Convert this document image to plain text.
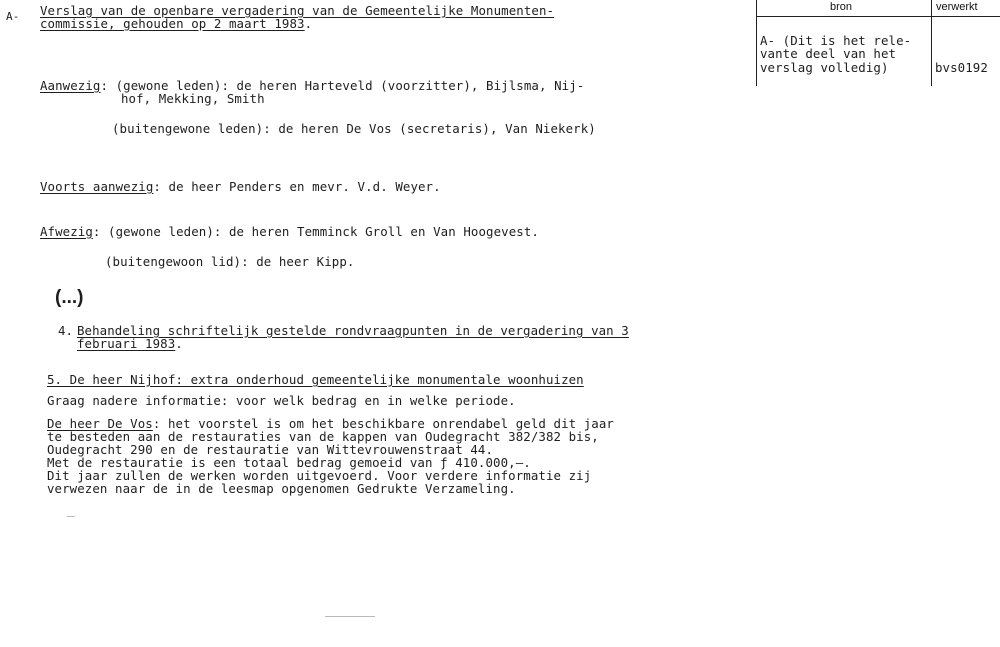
bron	verwerkt
A- (Dit is het rele-
vante deel van het
verslag volledig)	bvs0192
A- Verslag van de openbare vergadering van de Gemeentelijke Monumenten-
commissie, gehouden op 2 maart 1983.
Aanwezig: (gewone leden): de heren Harteveld (voorzitter), Bijlsma, Nij-
hof, Mekking, Smith
(buitengewone leden): de heren De Vos (secretaris), Van Niekerk)
Voorts aanwezig: de heer Penders en mevr. V.d. Weyer.
Afwezig: (gewone leden): de heren Temminck Groll en Van Hoogevest.
(buitengewoon lid): de heer Kipp.
(...)
4. Behandeling schriftelijk gestelde rondvraagpunten in de vergadering van 3
februari 1983.
5. De heer Nijhof: extra onderhoud gemeentelijke monumentale woonhuizen
Graag nadere informatie: voor welk bedrag en in welke periode.
De heer De Vos: het voorstel is om het beschikbare onrendabel geld dit jaar
te besteden aan de restauraties van de kappen van Oudegracht 382/382 bis,
Oudegracht 290 en de restauratie van Wittevrouwenstraat 44.
Met de restauratie is een totaal bedrag gemoeid van ƒ 410.000,—.
Dit jaar zullen de werken worden uitgevoerd. Voor verdere informatie zij
verwezen naar de in de leesmap opgenomen Gedrukte Verzameling.
